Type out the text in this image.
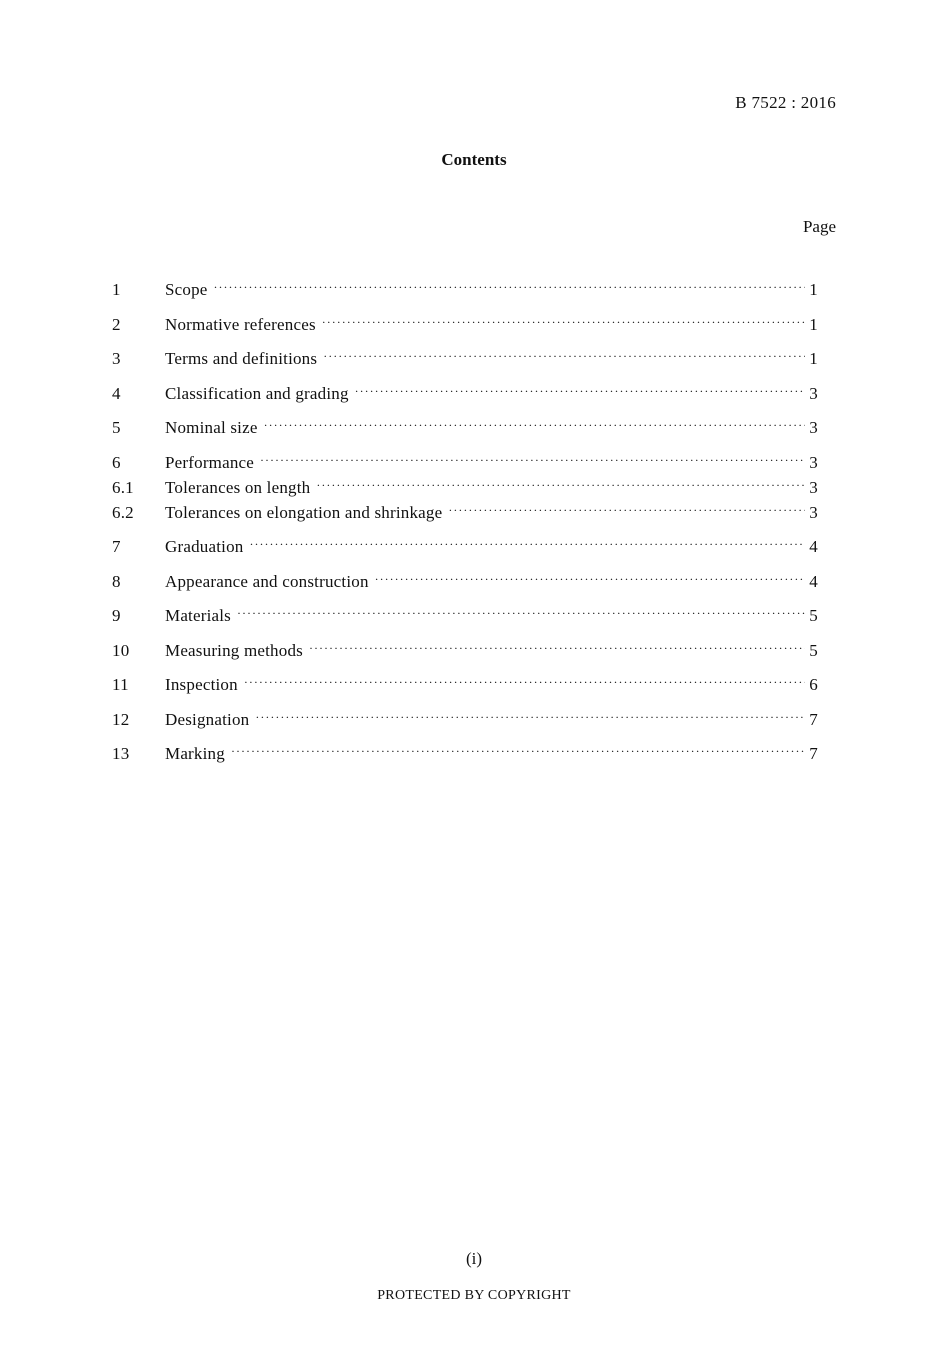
B 7522 : 2016
Contents
Page
1	Scope ·····	1
2	Normative references ·····	1
3	Terms and definitions ·····	1
4	Classification and grading ·····	3
5	Nominal size ·····	3
6	Performance ·····	3
6.1	Tolerances on length ·····	3
6.2	Tolerances on elongation and shrinkage ·····	3
7	Graduation ·····	4
8	Appearance and construction ·····	4
9	Materials ·····	5
10	Measuring methods ·····	5
11	Inspection ·····	6
12	Designation ·····	7
13	Marking ·····	7
(i)
PROTECTED BY COPYRIGHT
